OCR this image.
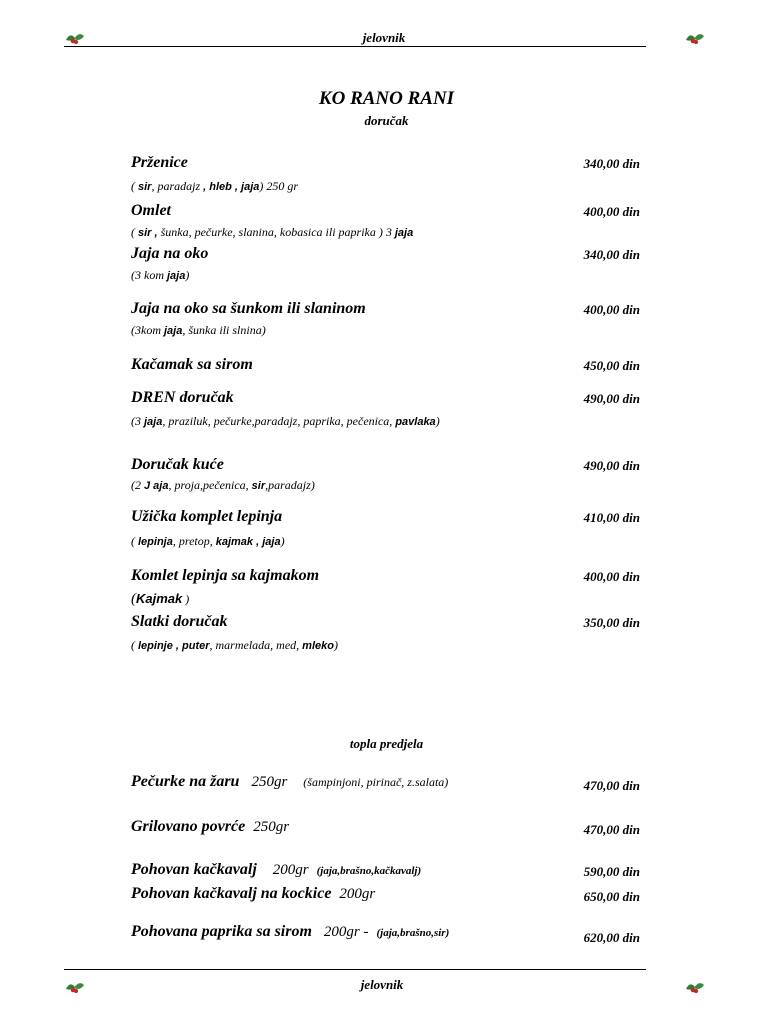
jelovnik
KO RANO RANI
doručak
Prženice	340,00 din
( sir, paradajz , hleb , jaja) 250 gr
Omlet	400,00 din
( sir , šunka, pečurke, slanina, kobasica ili paprika ) 3 jaja
Jaja na oko	340,00 din
(3 kom jaja)
Jaja na oko sa šunkom ili slaninom	400,00 din
(3kom jaja, šunka ili slnina)
Kačamak sa sirom	450,00 din
DREN doručak	490,00 din
(3 jaja, praziluk, pečurke,paradajz, paprika, pečenica, pavlaka)
Doručak kuće	490,00 din
(2 J aja, proja,pečenica, sir,paradajz)
Užička komplet lepinja	410,00 din
( lepinja, pretop, kajmak , jaja)
Komlet lepinja sa kajmakom	400,00 din
(Kajmak )
Slatki doručak	350,00 din
( lepinje , puter, marmelada, med, mleko)
topla predjela
Pečurke na žaru 250gr (šampinjoni, pirinač, z.salata)	470,00 din
Grilovano povrće 250gr	470,00 din
Pohovan kačkavalj 200gr (jaja,brašno,kačkavalj)	590,00 din
Pohovan kačkavalj na kockice 200gr	650,00 din
Pohovana paprika sa sirom 200gr - (jaja,brašno,sir)	620,00 din
jelovnik
